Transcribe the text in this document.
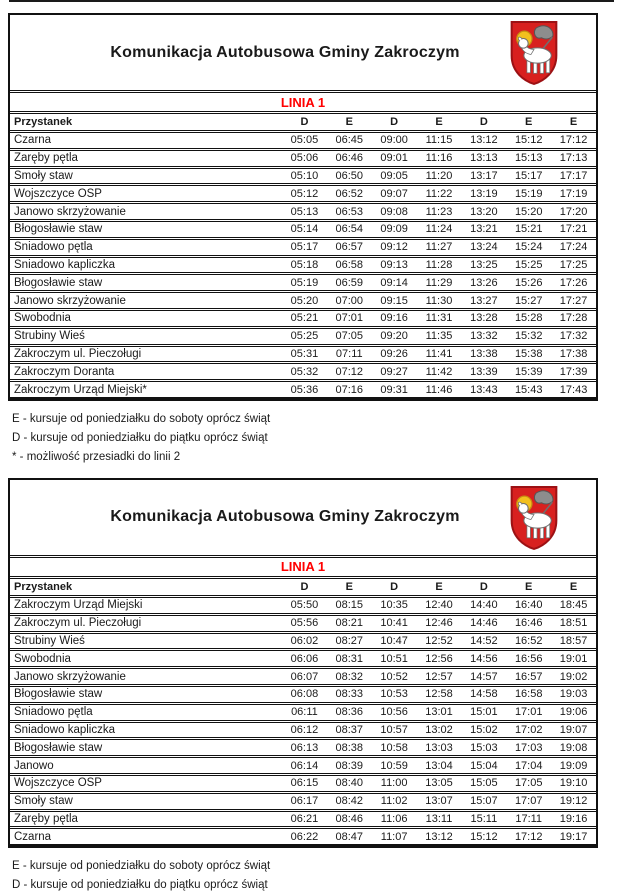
Komunikacja Autobusowa Gminy Zakroczym
LINIA 1
Przystanek	D	E	D	E	D	E	E
Czarna	05:05	06:45	09:00	11:15	13:12	15:12	17:12
Zaręby pętla	05:06	06:46	09:01	11:16	13:13	15:13	17:13
Smoły staw	05:10	06:50	09:05	11:20	13:17	15:17	17:17
Wojszczyce OSP	05:12	06:52	09:07	11:22	13:19	15:19	17:19
Janowo skrzyżowanie	05:13	06:53	09:08	11:23	13:20	15:20	17:20
Błogosławie staw	05:14	06:54	09:09	11:24	13:21	15:21	17:21
Śniadowo pętla	05:17	06:57	09:12	11:27	13:24	15:24	17:24
Śniadowo kapliczka	05:18	06:58	09:13	11:28	13:25	15:25	17:25
Błogosławie staw	05:19	06:59	09:14	11:29	13:26	15:26	17:26
Janowo skrzyżowanie	05:20	07:00	09:15	11:30	13:27	15:27	17:27
Swobodnia	05:21	07:01	09:16	11:31	13:28	15:28	17:28
Strubiny Wieś	05:25	07:05	09:20	11:35	13:32	15:32	17:32
Zakroczym ul. Pieczoługi	05:31	07:11	09:26	11:41	13:38	15:38	17:38
Zakroczym Doranta	05:32	07:12	09:27	11:42	13:39	15:39	17:39
Zakroczym Urząd Miejski*	05:36	07:16	09:31	11:46	13:43	15:43	17:43
E - kursuje od poniedziałku do soboty oprócz świąt
D - kursuje od poniedziałku do piątku oprócz świąt
* - możliwość przesiadki do linii 2
Komunikacja Autobusowa Gminy Zakroczym
LINIA 1
Przystanek	D	E	D	E	D	E	E
Zakroczym Urząd Miejski	05:50	08:15	10:35	12:40	14:40	16:40	18:45
Zakroczym ul. Pieczoługi	05:56	08:21	10:41	12:46	14:46	16:46	18:51
Strubiny Wieś	06:02	08:27	10:47	12:52	14:52	16:52	18:57
Swobodnia	06:06	08:31	10:51	12:56	14:56	16:56	19:01
Janowo skrzyżowanie	06:07	08:32	10:52	12:57	14:57	16:57	19:02
Błogosławie staw	06:08	08:33	10:53	12:58	14:58	16:58	19:03
Śniadowo pętla	06:11	08:36	10:56	13:01	15:01	17:01	19:06
Śniadowo kapliczka	06:12	08:37	10:57	13:02	15:02	17:02	19:07
Błogosławie staw	06:13	08:38	10:58	13:03	15:03	17:03	19:08
Janowo	06:14	08:39	10:59	13:04	15:04	17:04	19:09
Wojszczyce OSP	06:15	08:40	11:00	13:05	15:05	17:05	19:10
Smoły staw	06:17	08:42	11:02	13:07	15:07	17:07	19:12
Zaręby pętla	06:21	08:46	11:06	13:11	15:11	17:11	19:16
Czarna	06:22	08:47	11:07	13:12	15:12	17:12	19:17
E - kursuje od poniedziałku do soboty oprócz świąt
D - kursuje od poniedziałku do piątku oprócz świąt
